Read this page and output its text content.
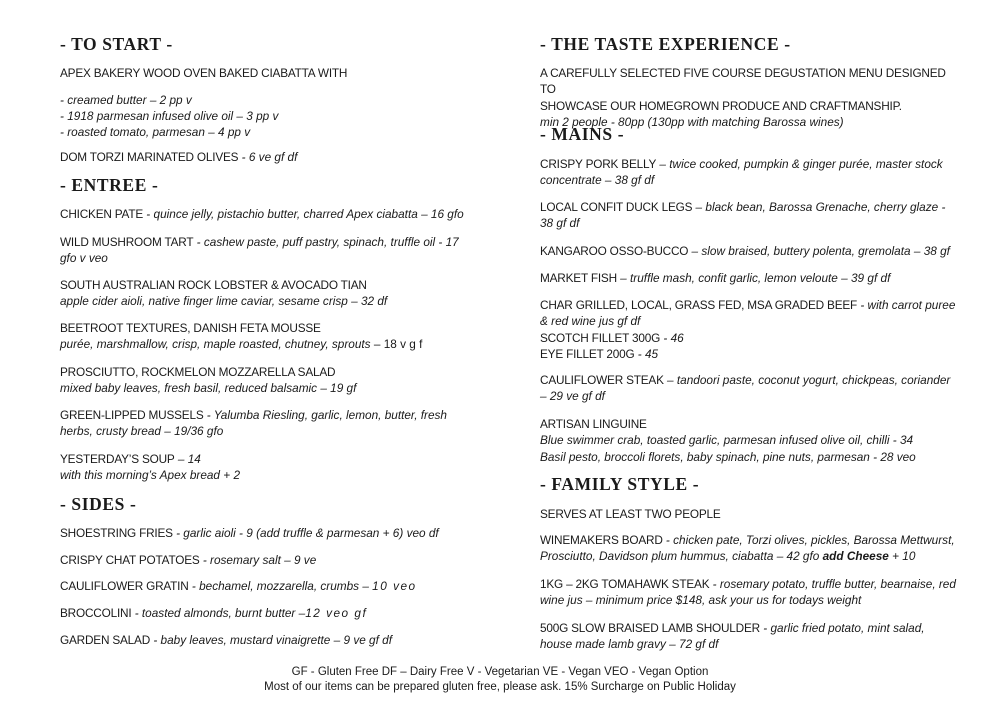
- TO START -
APEX BAKERY WOOD OVEN BAKED CIABATTA WITH
- creamed butter – 2 pp v
- 1918 parmesan infused olive oil – 3 pp v
- roasted tomato, parmesan – 4 pp v
DOM TORZI MARINATED OLIVES - 6 ve gf df
- ENTREE -
CHICKEN PATE - quince jelly, pistachio butter, charred Apex ciabatta – 16 gfo
WILD MUSHROOM TART - cashew paste, puff pastry, spinach, truffle oil - 17 gfo v veo
SOUTH AUSTRALIAN ROCK LOBSTER & AVOCADO TIAN
apple cider aioli, native finger lime caviar, sesame crisp – 32 df
BEETROOT TEXTURES, DANISH FETA MOUSSE
purée, marshmallow, crisp, maple roasted, chutney, sprouts – 18 v g f
PROSCIUTTO, ROCKMELON MOZZARELLA SALAD
mixed baby leaves, fresh basil, reduced balsamic – 19 gf
GREEN-LIPPED MUSSELS - Yalumba Riesling, garlic, lemon, butter, fresh herbs, crusty bread – 19/36 gfo
YESTERDAY’S SOUP – 14
with this morning’s Apex bread + 2
- SIDES -
SHOESTRING FRIES - garlic aioli - 9 (add truffle & parmesan + 6) veo df
CRISPY CHAT POTATOES - rosemary salt – 9 ve
CAULIFLOWER GRATIN - bechamel, mozzarella, crumbs – 10 veo
BROCCOLINI - toasted almonds, burnt butter –12 veo gf
GARDEN SALAD - baby leaves, mustard vinaigrette – 9 ve gf df
- THE TASTE EXPERIENCE -
A CAREFULLY SELECTED FIVE COURSE DEGUSTATION MENU DESIGNED TO
SHOWCASE OUR HOMEGROWN PRODUCE AND CRAFTMANSHIP.
min 2 people - 80pp (130pp with matching Barossa wines)
- MAINS -
CRISPY PORK BELLY – twice cooked, pumpkin & ginger purée, master stock concentrate – 38 gf df
LOCAL CONFIT DUCK LEGS – black bean, Barossa Grenache, cherry glaze - 38 gf df
KANGAROO OSSO-BUCCO – slow braised, buttery polenta, gremolata – 38 gf
MARKET FISH – truffle mash, confit garlic, lemon veloute – 39 gf df
CHAR GRILLED, LOCAL, GRASS FED, MSA GRADED BEEF - with carrot puree & red wine jus gf df
SCOTCH FILLET 300G - 46
EYE FILLET 200G - 45
CAULIFLOWER STEAK – tandoori paste, coconut yogurt, chickpeas, coriander – 29 ve gf df
ARTISAN LINGUINE
Blue swimmer crab, toasted garlic, parmesan infused olive oil, chilli - 34
Basil pesto, broccoli florets, baby spinach, pine nuts, parmesan - 28 veo
- FAMILY STYLE -
SERVES AT LEAST TWO PEOPLE
WINEMAKERS BOARD - chicken pate, Torzi olives, pickles, Barossa Mettwurst, Prosciutto, Davidson plum hummus, ciabatta – 42 gfo add Cheese + 10
1KG – 2KG TOMAHAWK STEAK - rosemary potato, truffle butter, bearnaise, red wine jus – minimum price $148, ask your us for todays weight
500G SLOW BRAISED LAMB SHOULDER - garlic fried potato, mint salad, house made lamb gravy – 72 gf df
GF - Gluten Free DF – Dairy Free V - Vegetarian VE - Vegan VEO - Vegan Option
Most of our items can be prepared gluten free, please ask. 15% Surcharge on Public Holiday
